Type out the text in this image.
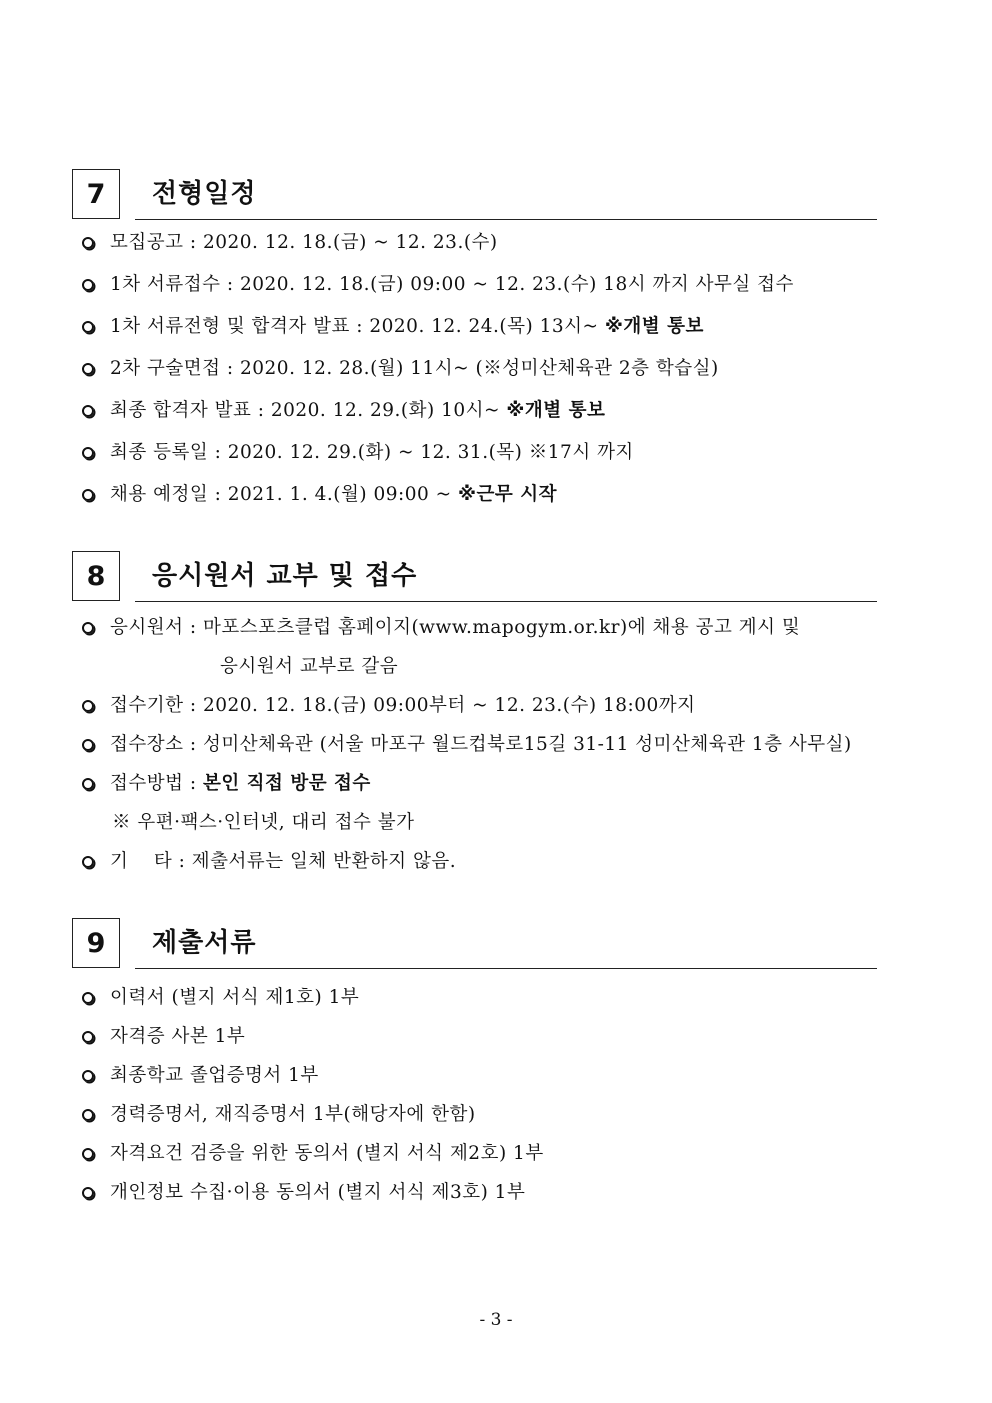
7	전형일정
모집공고 : 2020. 12. 18.(금) ~ 12. 23.(수)
1차 서류접수 : 2020. 12. 18.(금) 09:00 ~ 12. 23.(수) 18시 까지 사무실 접수
1차 서류전형 및 합격자 발표 : 2020. 12. 24.(목) 13시~ ※개별 통보
2차 구술면접 : 2020. 12. 28.(월) 11시~ (※성미산체육관 2층 학습실)
최종 합격자 발표 : 2020. 12. 29.(화) 10시~ ※개별 통보
최종 등록일 : 2020. 12. 29.(화) ~ 12. 31.(목) ※17시 까지
채용 예정일 : 2021. 1. 4.(월) 09:00 ~ ※근무 시작
8	응시원서 교부 및 접수
응시원서 : 마포스포츠클럽 홈페이지(www.mapogym.or.kr)에 채용 공고 게시 및
응시원서 교부로 갈음
접수기한 : 2020. 12. 18.(금) 09:00부터 ~ 12. 23.(수) 18:00까지
접수장소 : 성미산체육관 (서울 마포구 월드컵북로15길 31-11 성미산체육관 1층 사무실)
접수방법 : 본인 직접 방문 접수
※ 우편·팩스·인터넷, 대리 접수 불가
기    타 : 제출서류는 일체 반환하지 않음.
9	제출서류
이력서 (별지 서식 제1호) 1부
자격증 사본 1부
최종학교 졸업증명서 1부
경력증명서, 재직증명서 1부(해당자에 한함)
자격요건 검증을 위한 동의서 (별지 서식 제2호) 1부
개인정보 수집·이용 동의서 (별지 서식 제3호) 1부
- 3 -
